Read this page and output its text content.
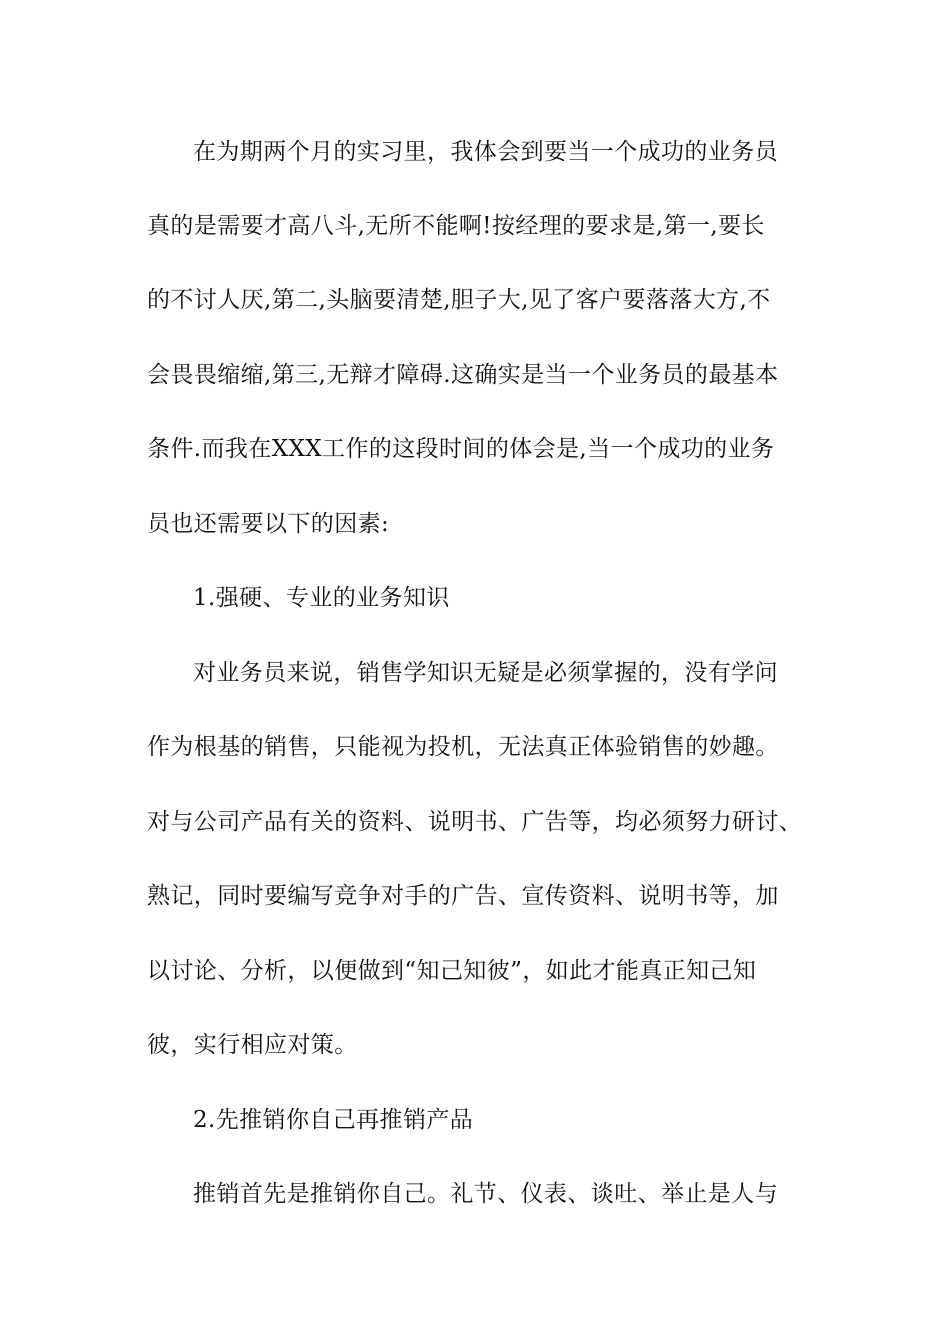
在为期两个月的实习里，我体会到要当一个成功的业务员
真的是需要才高八斗,无所不能啊!按经理的要求是,第一,要长
的不讨人厌,第二,头脑要清楚,胆子大,见了客户要落落大方,不
会畏畏缩缩,第三,无辩才障碍.这确实是当一个业务员的最基本
条件.而我在XXX工作的这段时间的体会是,当一个成功的业务
员也还需要以下的因素:
1.强硬、专业的业务知识
对业务员来说，销售学知识无疑是必须掌握的，没有学问
作为根基的销售，只能视为投机，无法真正体验销售的妙趣。
对与公司产品有关的资料、说明书、广告等，均必须努力研讨、
熟记，同时要编写竞争对手的广告、宣传资料、说明书等，加
以讨论、分析，以便做到“知己知彼”，如此才能真正知己知
彼，实行相应对策。
2.先推销你自己再推销产品
推销首先是推销你自己。礼节、仪表、谈吐、举止是人与
